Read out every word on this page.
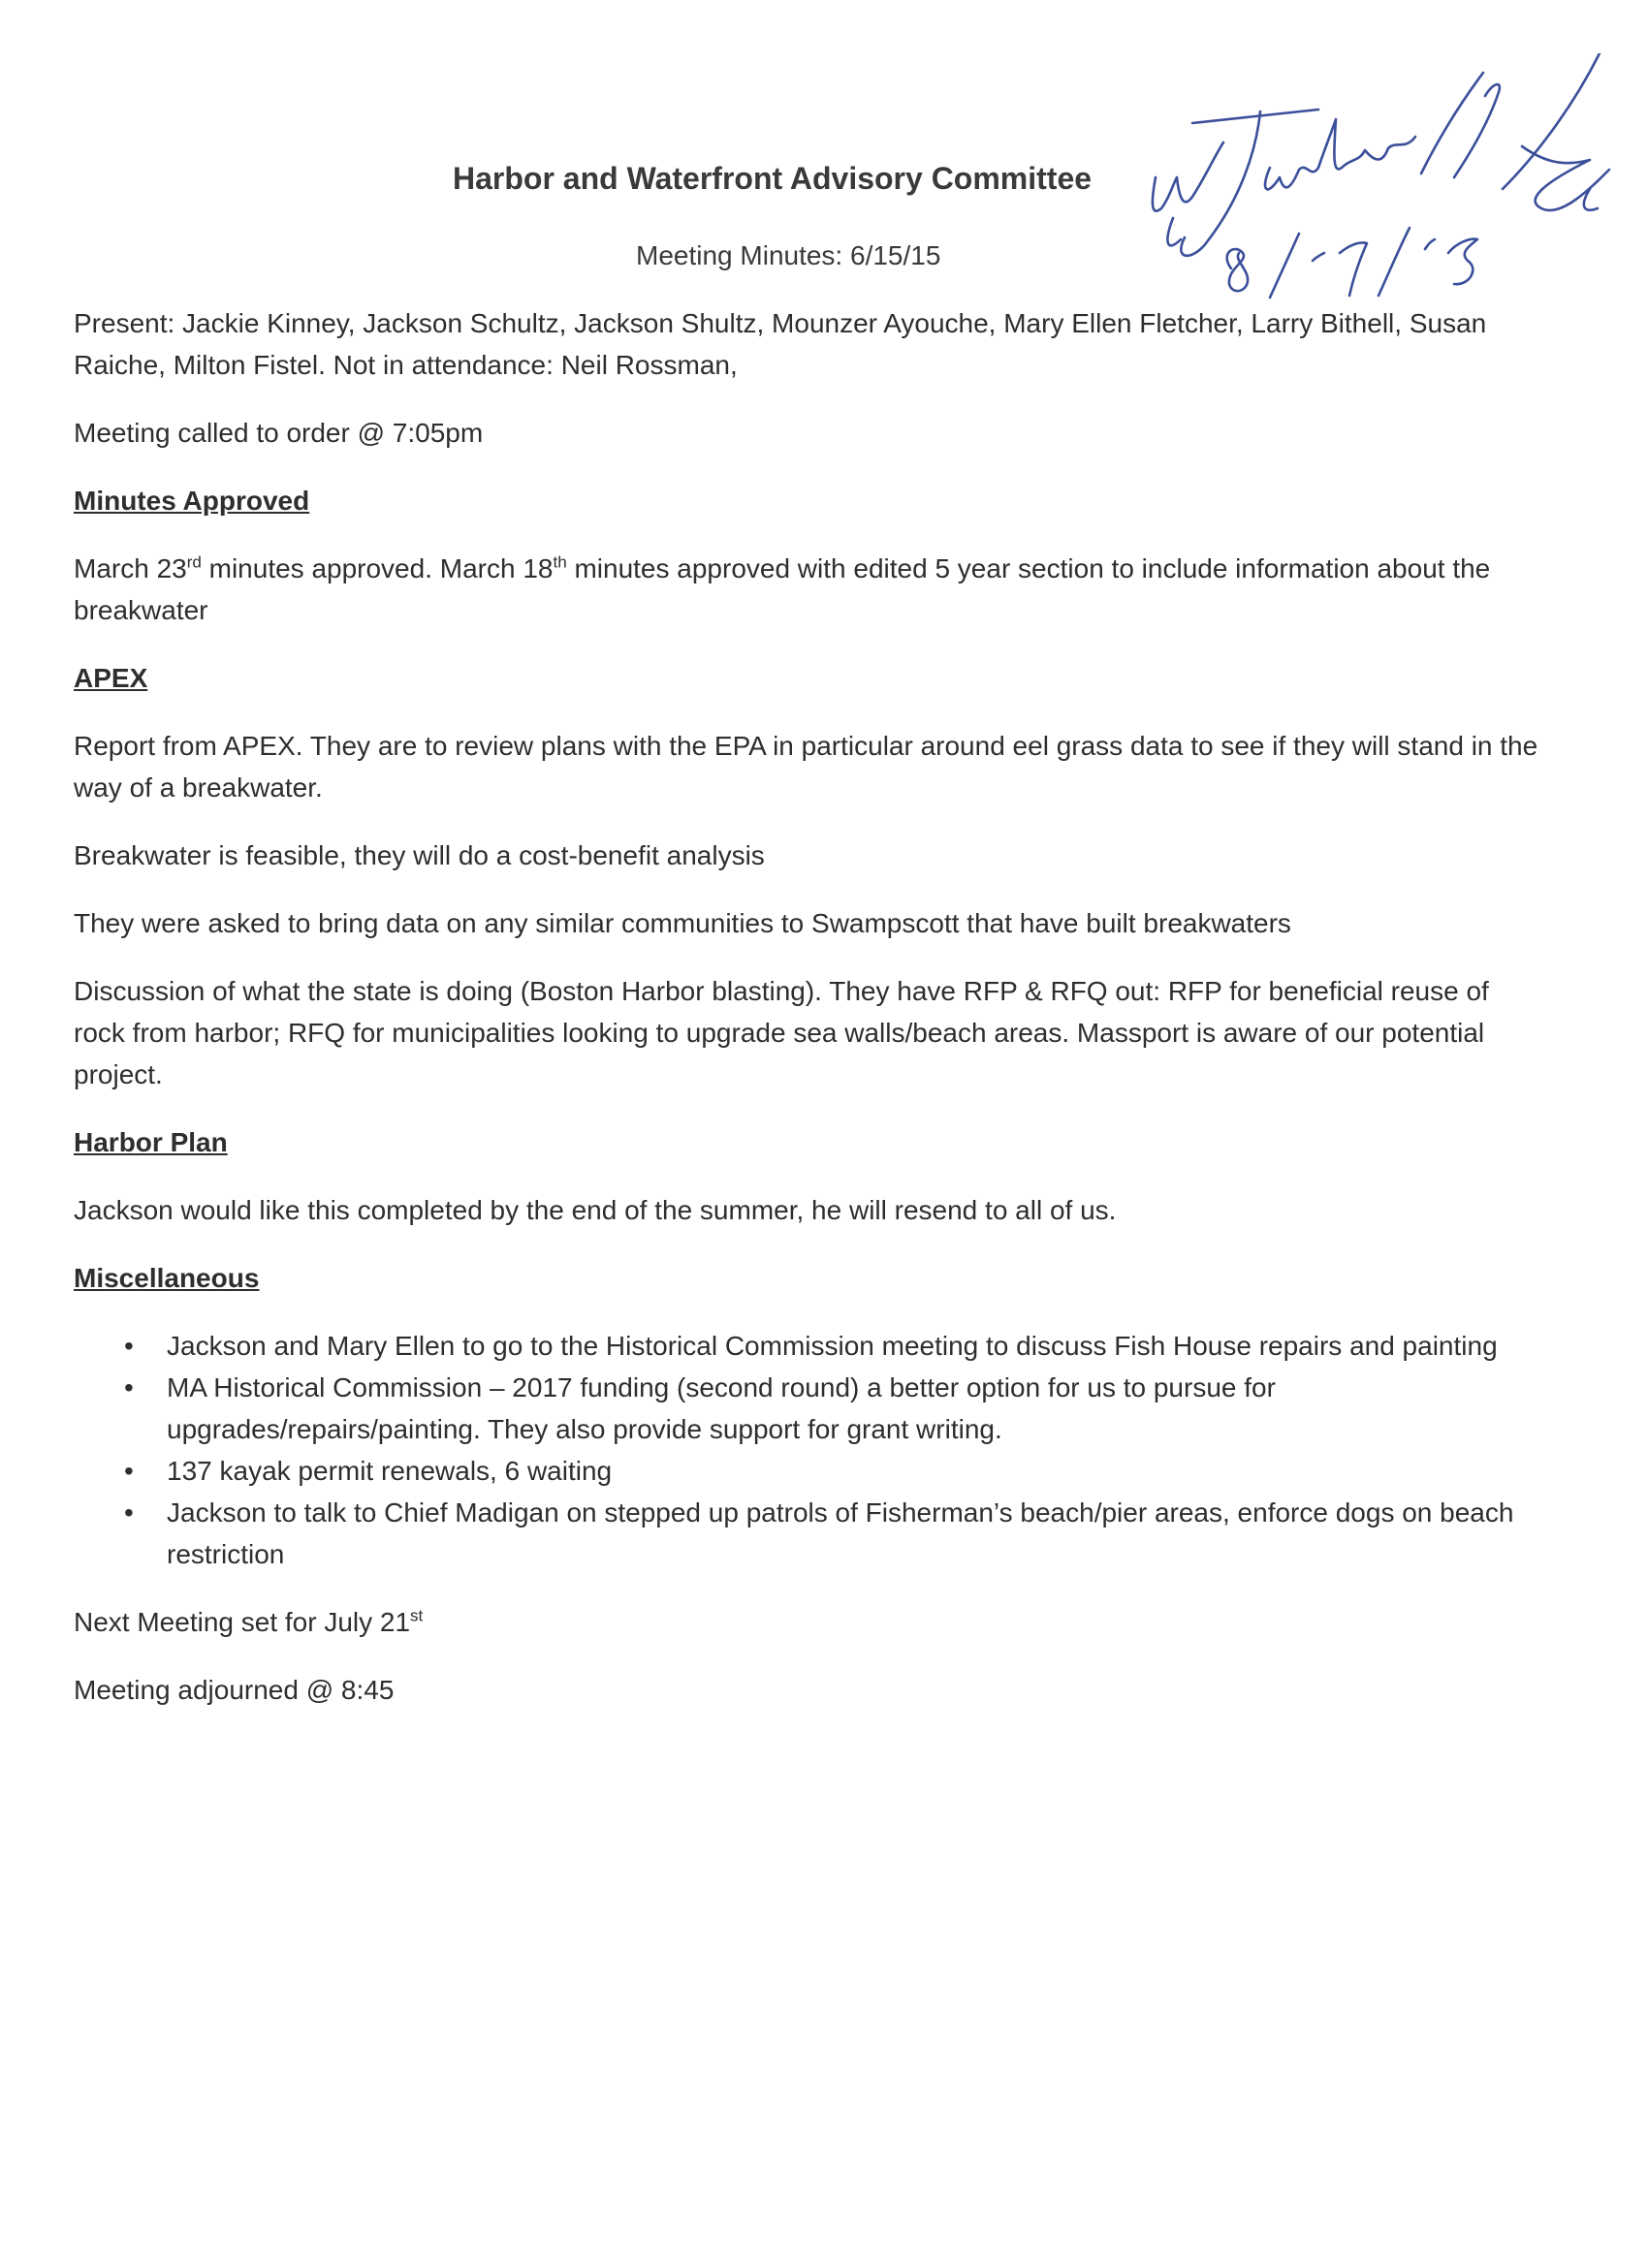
Harbor and Waterfront Advisory Committee
Meeting Minutes: 6/15/15

Present: Jackie Kinney, Jackson Schultz, Jackson Shultz, Mounzer Ayouche, Mary Ellen Fletcher, Larry Bithell, Susan Raiche, Milton Fistel. Not in attendance: Neil Rossman,

Meeting called to order @ 7:05pm

Minutes Approved

March 23rd minutes approved. March 18th minutes approved with edited 5 year section to include information about the breakwater

APEX

Report from APEX. They are to review plans with the EPA in particular around eel grass data to see if they will stand in the way of a breakwater.

Breakwater is feasible, they will do a cost-benefit analysis

They were asked to bring data on any similar communities to Swampscott that have built breakwaters

Discussion of what the state is doing (Boston Harbor blasting). They have RFP & RFQ out: RFP for beneficial reuse of rock from harbor; RFQ for municipalities looking to upgrade sea walls/beach areas. Massport is aware of our potential project.

Harbor Plan

Jackson would like this completed by the end of the summer, he will resend to all of us.

Miscellaneous
• Jackson and Mary Ellen to go to the Historical Commission meeting to discuss Fish House repairs and painting
• MA Historical Commission – 2017 funding (second round) a better option for us to pursue for upgrades/repairs/painting. They also provide support for grant writing.
• 137 kayak permit renewals, 6 waiting
• Jackson to talk to Chief Madigan on stepped up patrols of Fisherman’s beach/pier areas, enforce dogs on beach restriction

Next Meeting set for July 21st

Meeting adjourned @ 8:45
